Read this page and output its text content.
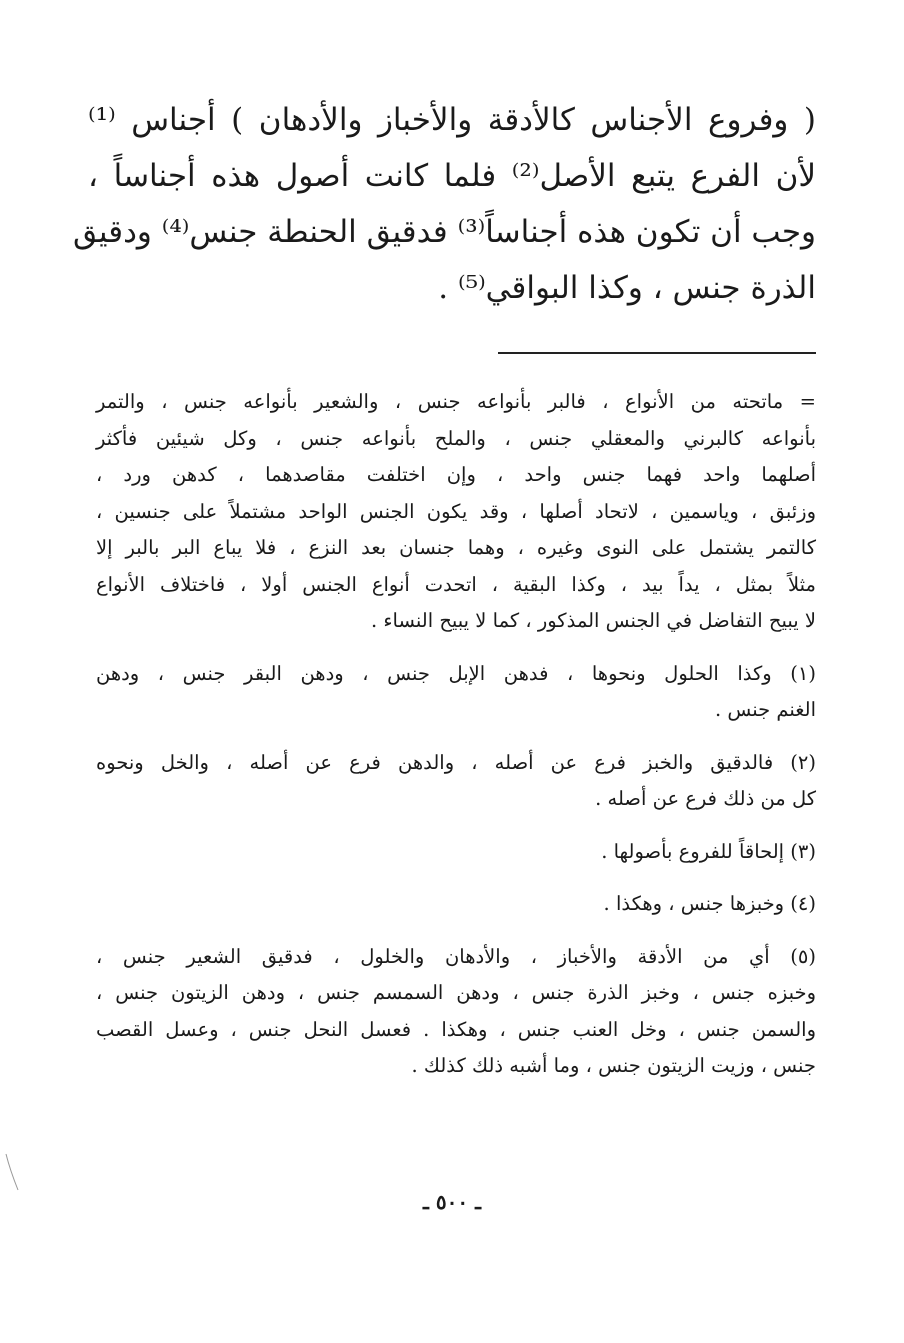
( وفروع الأجناس كالأدقة والأخباز والأدهان ) أجناس ⁽¹⁾
لأن الفرع يتبع الأصل⁽²⁾ فلما كانت أصول هذه أجناساً ،
وجب أن تكون هذه أجناساً⁽³⁾ فدقيق الحنطة جنس⁽⁴⁾ ودقيق
الذرة جنس ، وكذا البواقي⁽⁵⁾ .
= ماتحته من الأنواع ، فالبر بأنواعه جنس ، والشعير بأنواعه جنس ، والتمر
بأنواعه كالبرني والمعقلي جنس ، والملح بأنواعه جنس ، وكل شيئين فأكثر
أصلهما واحد فهما جنس واحد ، وإن اختلفت مقاصدهما ، كدهن ورد ،
وزئبق ، وياسمين ، لاتحاد أصلها ، وقد يكون الجنس الواحد مشتملاً على جنسين ،
كالتمر يشتمل على النوى وغيره ، وهما جنسان بعد النزع ، فلا يباع البر بالبر إلا
مثلاً بمثل ، يداً بيد ، وكذا البقية ، اتحدت أنواع الجنس أولا ، فاختلاف الأنواع
لا يبيح التفاضل في الجنس المذكور ، كما لا يبيح النساء .
(١) وكذا الحلول ونحوها ، فدهن الإبل جنس ، ودهن البقر جنس ، ودهن
الغنم جنس .
(٢) فالدقيق والخبز فرع عن أصله ، والدهن فرع عن أصله ، والخل ونحوه
كل من ذلك فرع عن أصله .
(٣) إلحاقاً للفروع بأصولها .
(٤) وخبزها جنس ، وهكذا .
(٥) أي من الأدقة والأخباز ، والأدهان والخلول ، فدقيق الشعير جنس ،
وخبزه جنس ، وخبز الذرة جنس ، ودهن السمسم جنس ، ودهن الزيتون جنس ،
والسمن جنس ، وخل العنب جنس ، وهكذا . فعسل النحل جنس ، وعسل القصب
جنس ، وزيت الزيتون جنس ، وما أشبه ذلك كذلك .
ـ ٥٠٠ ـ
